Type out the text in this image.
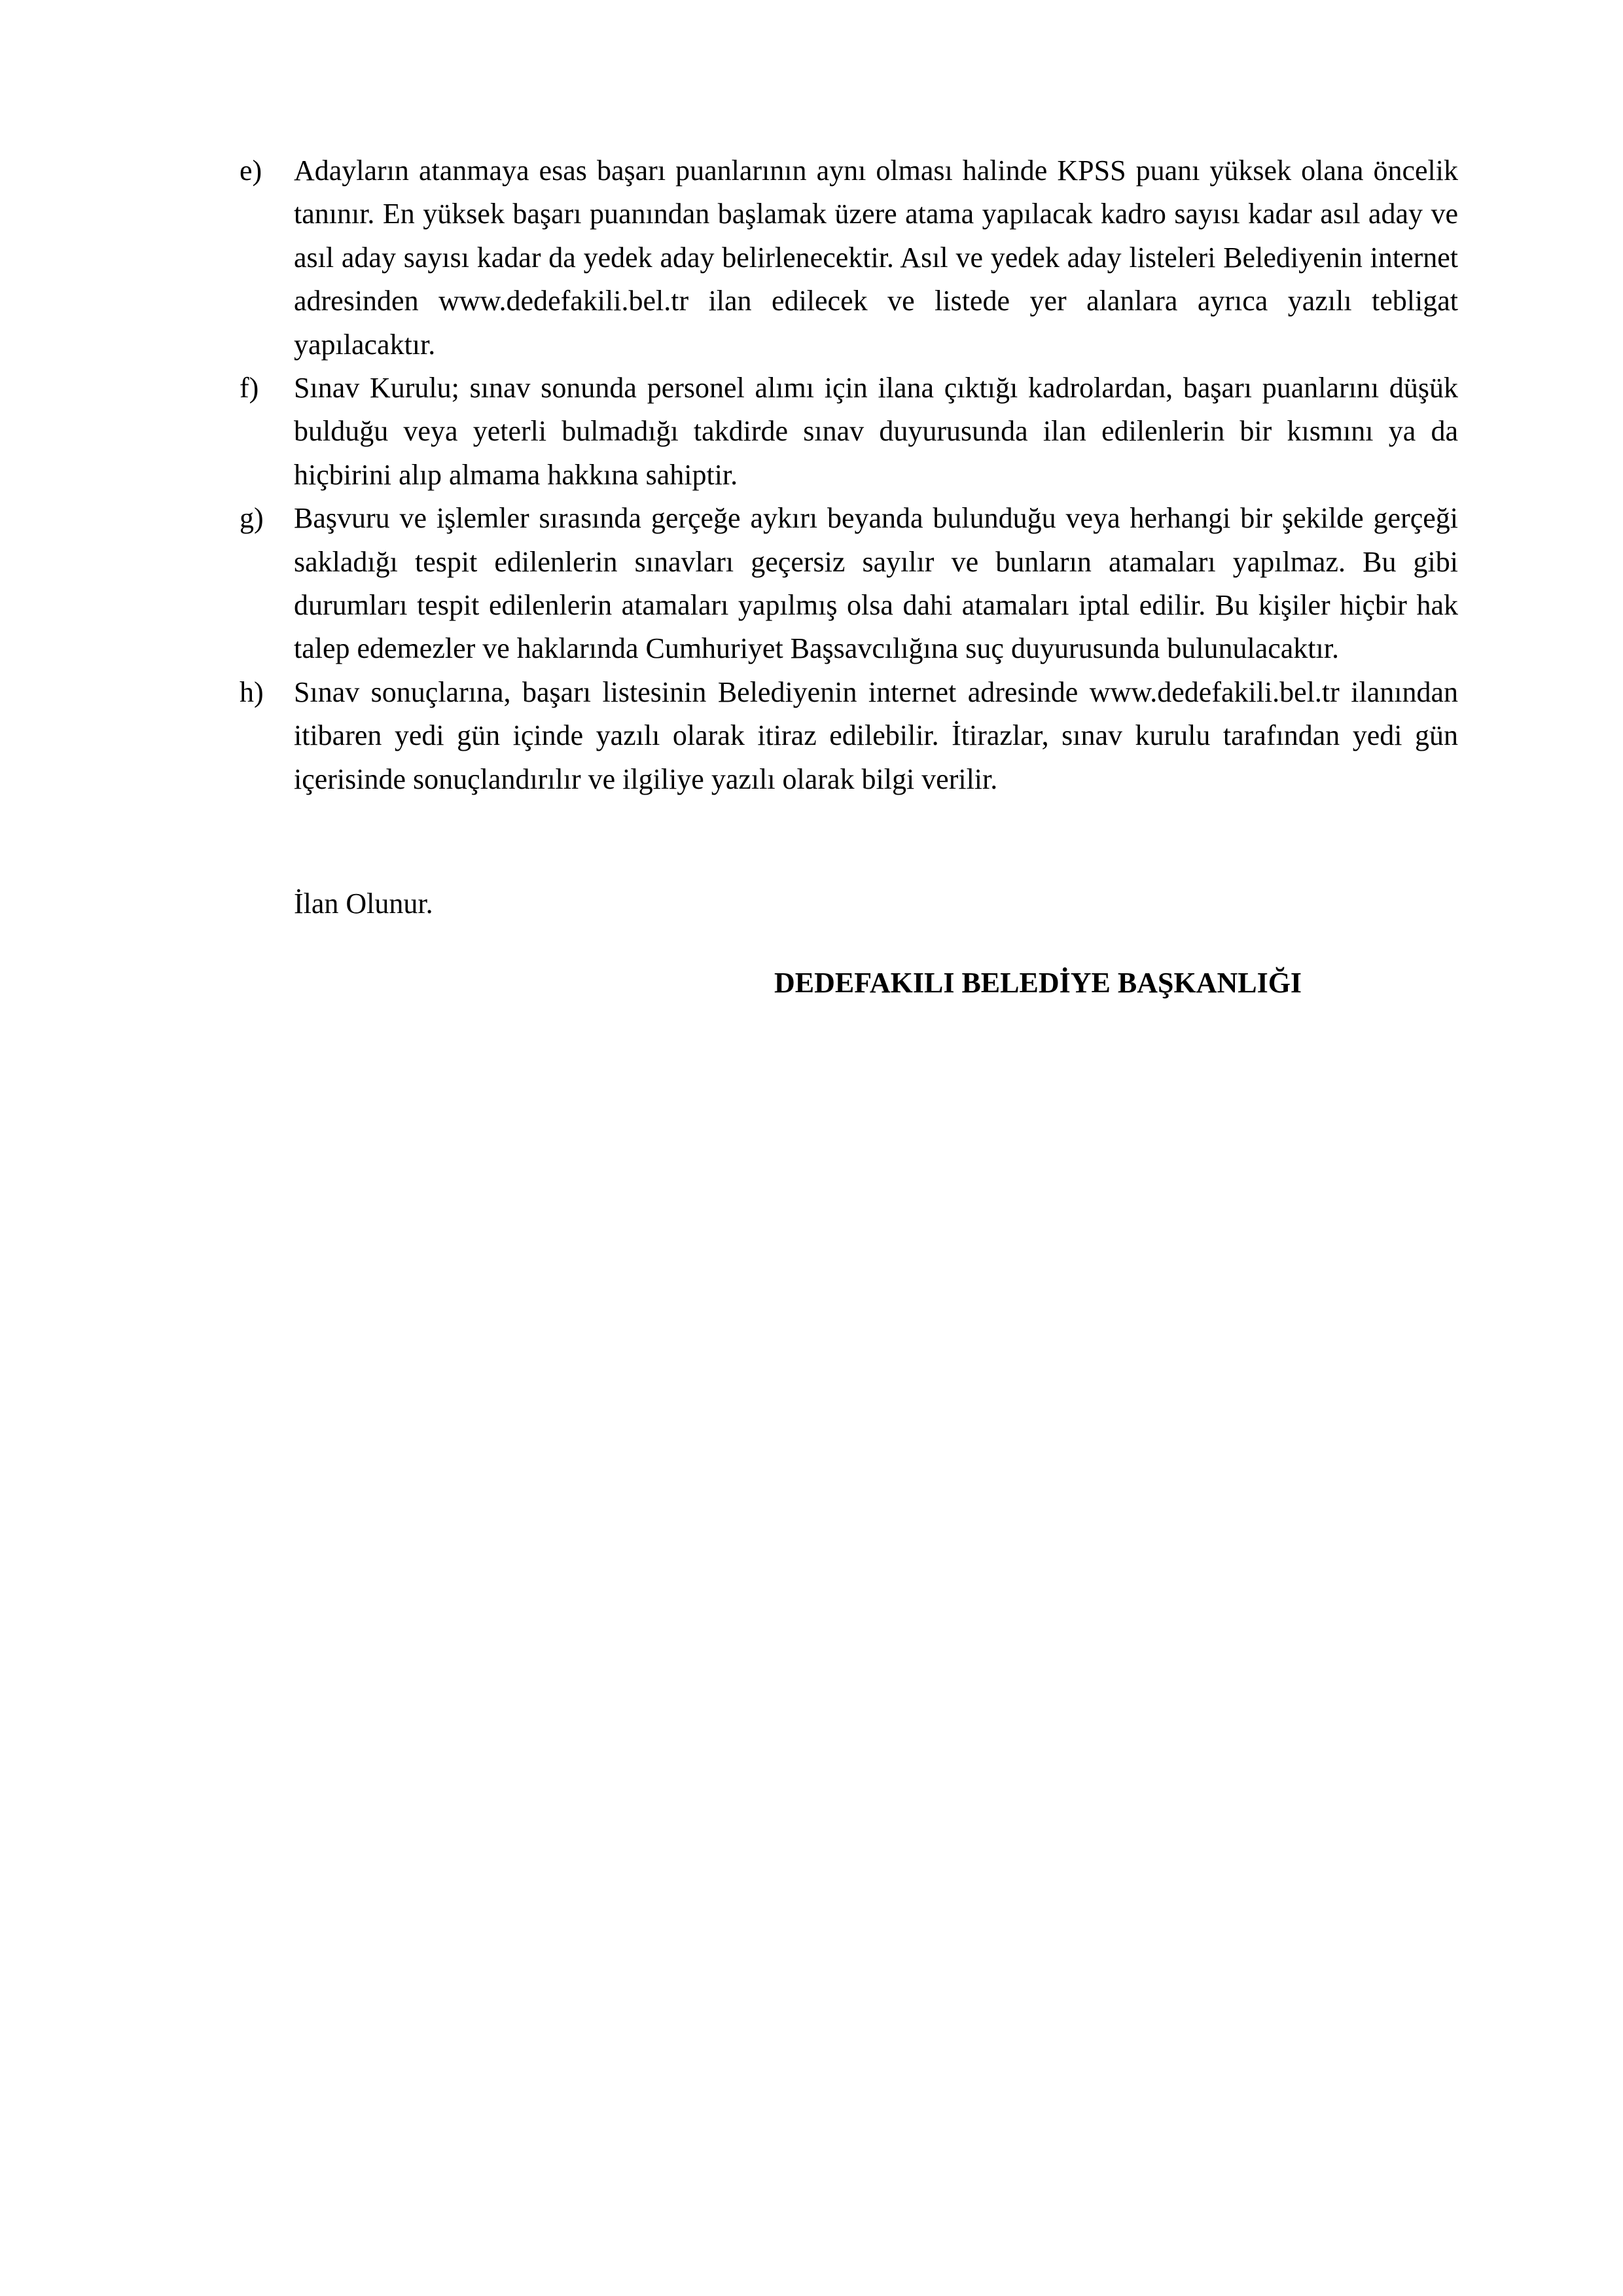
e)	Adayların atanmaya esas başarı puanlarının aynı olması halinde KPSS puanı yüksek olana öncelik tanınır. En yüksek başarı puanından başlamak üzere atama yapılacak kadro sayısı kadar asıl aday ve asıl aday sayısı kadar da yedek aday belirlenecektir. Asıl ve yedek aday listeleri Belediyenin internet adresinden www.dedefakili.bel.tr ilan edilecek ve listede yer alanlara ayrıca yazılı tebligat yapılacaktır.
f)	Sınav Kurulu; sınav sonunda personel alımı için ilana çıktığı kadrolardan, başarı puanlarını düşük bulduğu veya yeterli bulmadığı takdirde sınav duyurusunda ilan edilenlerin bir kısmını ya da hiçbirini alıp almama hakkına sahiptir.
g)	Başvuru ve işlemler sırasında gerçeğe aykırı beyanda bulunduğu veya herhangi bir şekilde gerçeği sakladığı tespit edilenlerin sınavları geçersiz sayılır ve bunların atamaları yapılmaz. Bu gibi durumları tespit edilenlerin atamaları yapılmış olsa dahi atamaları iptal edilir. Bu kişiler hiçbir hak talep edemezler ve haklarında Cumhuriyet Başsavcılığına suç duyurusunda bulunulacaktır.
h)	Sınav sonuçlarına, başarı listesinin Belediyenin internet adresinde www.dedefakili.bel.tr ilanından itibaren yedi gün içinde yazılı olarak itiraz edilebilir. İtirazlar, sınav kurulu tarafından yedi gün içerisinde sonuçlandırılır ve ilgiliye yazılı olarak bilgi verilir.
İlan Olunur.
DEDEFAKILI BELEDİYE BAŞKANLIĞI
